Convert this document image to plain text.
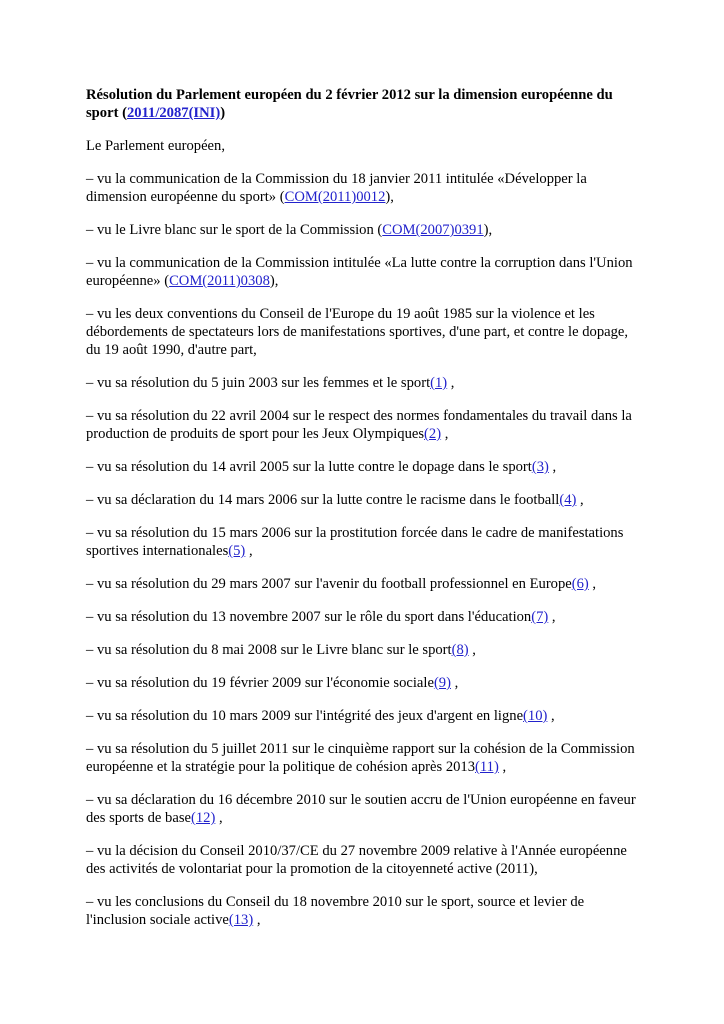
Résolution du Parlement européen du 2 février 2012 sur la dimension européenne du sport (2011/2087(INI))

Le Parlement européen,

– vu la communication de la Commission du 18 janvier 2011 intitulée «Développer la dimension européenne du sport» (COM(2011)0012),

– vu le Livre blanc sur le sport de la Commission (COM(2007)0391),

– vu la communication de la Commission intitulée «La lutte contre la corruption dans l'Union européenne» (COM(2011)0308),

– vu les deux conventions du Conseil de l'Europe du 19 août 1985 sur la violence et les débordements de spectateurs lors de manifestations sportives, d'une part, et contre le dopage, du 19 août 1990, d'autre part,

– vu sa résolution du 5 juin 2003 sur les femmes et le sport(1) ,

– vu sa résolution du 22 avril 2004 sur le respect des normes fondamentales du travail dans la production de produits de sport pour les Jeux Olympiques(2) ,

– vu sa résolution du 14 avril 2005 sur la lutte contre le dopage dans le sport(3) ,

– vu sa déclaration du 14 mars 2006 sur la lutte contre le racisme dans le football(4) ,

– vu sa résolution du 15 mars 2006 sur la prostitution forcée dans le cadre de manifestations sportives internationales(5) ,

– vu sa résolution du 29 mars 2007 sur l'avenir du football professionnel en Europe(6) ,

– vu sa résolution du 13 novembre 2007 sur le rôle du sport dans l'éducation(7) ,

– vu sa résolution du 8 mai 2008 sur le Livre blanc sur le sport(8) ,

– vu sa résolution du 19 février 2009 sur l'économie sociale(9) ,

– vu sa résolution du 10 mars 2009 sur l'intégrité des jeux d'argent en ligne(10) ,

– vu sa résolution du 5 juillet 2011 sur le cinquième rapport sur la cohésion de la Commission européenne et la stratégie pour la politique de cohésion après 2013(11) ,

– vu sa déclaration du 16 décembre 2010 sur le soutien accru de l'Union européenne en faveur des sports de base(12) ,

– vu la décision du Conseil 2010/37/CE du 27 novembre 2009 relative à l'Année européenne des activités de volontariat pour la promotion de la citoyenneté active (2011),

– vu les conclusions du Conseil du 18 novembre 2010 sur le sport, source et levier de l'inclusion sociale active(13) ,
